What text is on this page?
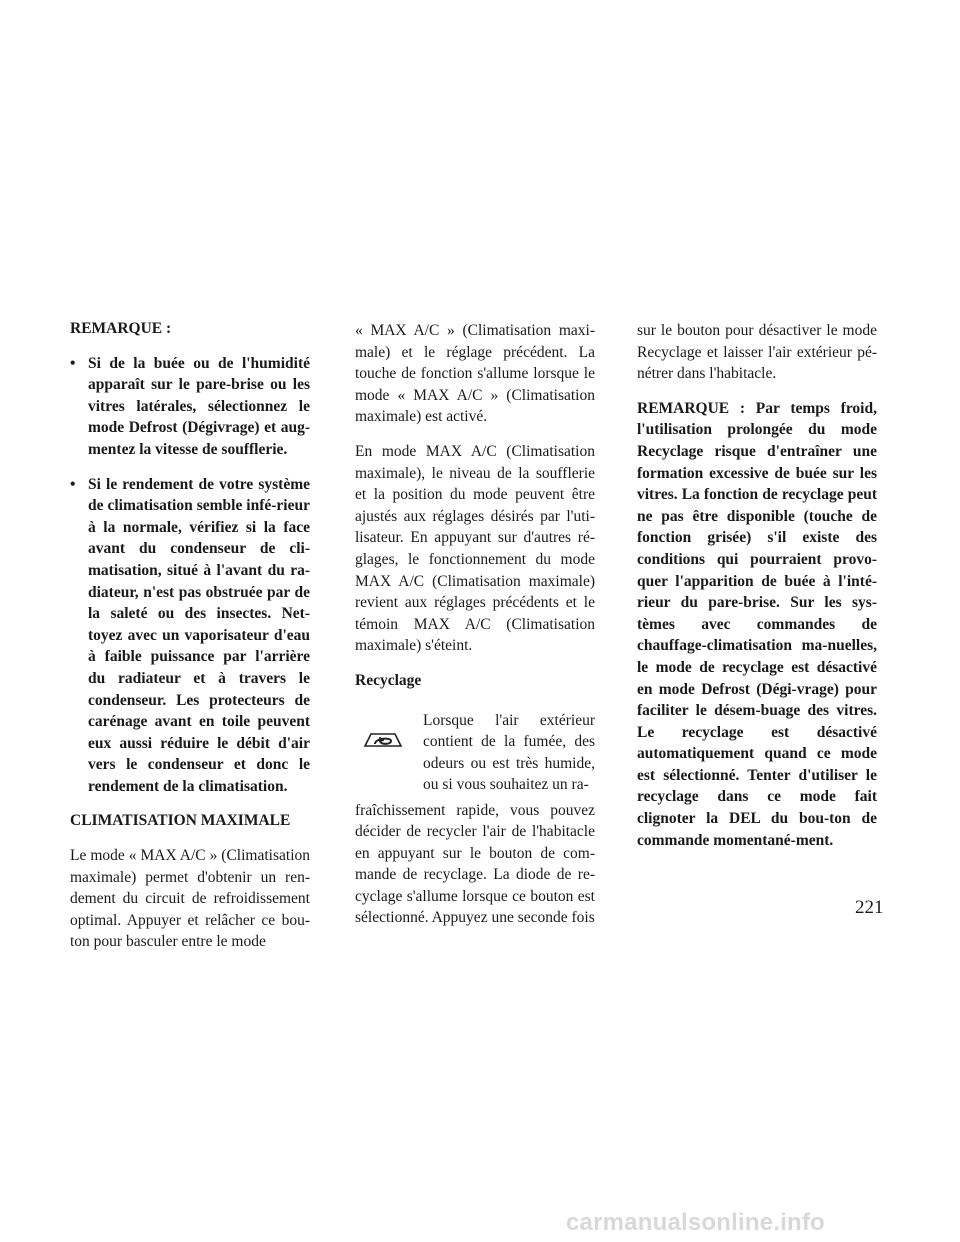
REMARQUE :

• Si de la buée ou de l'humidité apparaît sur le pare-brise ou les vitres latérales, sélectionnez le mode Defrost (Dégivrage) et aug-mentez la vitesse de soufflerie.
• Si le rendement de votre système de climatisation semble infé-rieur à la normale, vérifiez si la face avant du condenseur de cli-matisation, situé à l'avant du ra-diateur, n'est pas obstruée par de la saleté ou des insectes. Net-toyez avec un vaporisateur d'eau à faible puissance par l'arrière du radiateur et à travers le condenseur. Les protecteurs de carénage avant en toile peuvent eux aussi réduire le débit d'air vers le condenseur et donc le rendement de la climatisation.

CLIMATISATION MAXIMALE

Le mode « MAX A/C » (Climatisation maximale) permet d'obtenir un ren-dement du circuit de refroidissement optimal. Appuyer et relâcher ce bou-ton pour basculer entre le mode

« MAX A/C » (Climatisation maxi-male) et le réglage précédent. La touche de fonction s'allume lorsque le mode « MAX A/C » (Climatisation maximale) est activé.

En mode MAX A/C (Climatisation maximale), le niveau de la soufflerie et la position du mode peuvent être ajustés aux réglages désirés par l'uti-lisateur. En appuyant sur d'autres ré-glages, le fonctionnement du mode MAX A/C (Climatisation maximale) revient aux réglages précédents et le témoin MAX A/C (Climatisation maximale) s'éteint.

Recyclage

Lorsque l'air extérieur contient de la fumée, des odeurs ou est très humide, ou si vous souhaitez un ra-

fraîchissement rapide, vous pouvez décider de recycler l'air de l'habitacle en appuyant sur le bouton de com-mande de recyclage. La diode de re-cyclage s'allume lorsque ce bouton est sélectionné. Appuyez une seconde fois

sur le bouton pour désactiver le mode Recyclage et laisser l'air extérieur pé-nétrer dans l'habitacle.

REMARQUE : Par temps froid, l'utilisation prolongée du mode Recyclage risque d'entraîner une formation excessive de buée sur les vitres. La fonction de recyclage peut ne pas être disponible (touche de fonction grisée) s'il existe des conditions qui pourraient provo-quer l'apparition de buée à l'inté-rieur du pare-brise. Sur les sys-tèmes avec commandes de chauffage-climatisation ma-nuelles, le mode de recyclage est désactivé en mode Defrost (Dégi-vrage) pour faciliter le désem-buage des vitres. Le recyclage est désactivé automatiquement quand ce mode est sélectionné. Tenter d'utiliser le recyclage dans ce mode fait clignoter la DEL du bou-ton de commande momentané-ment.

221
carmanualsonline.info
